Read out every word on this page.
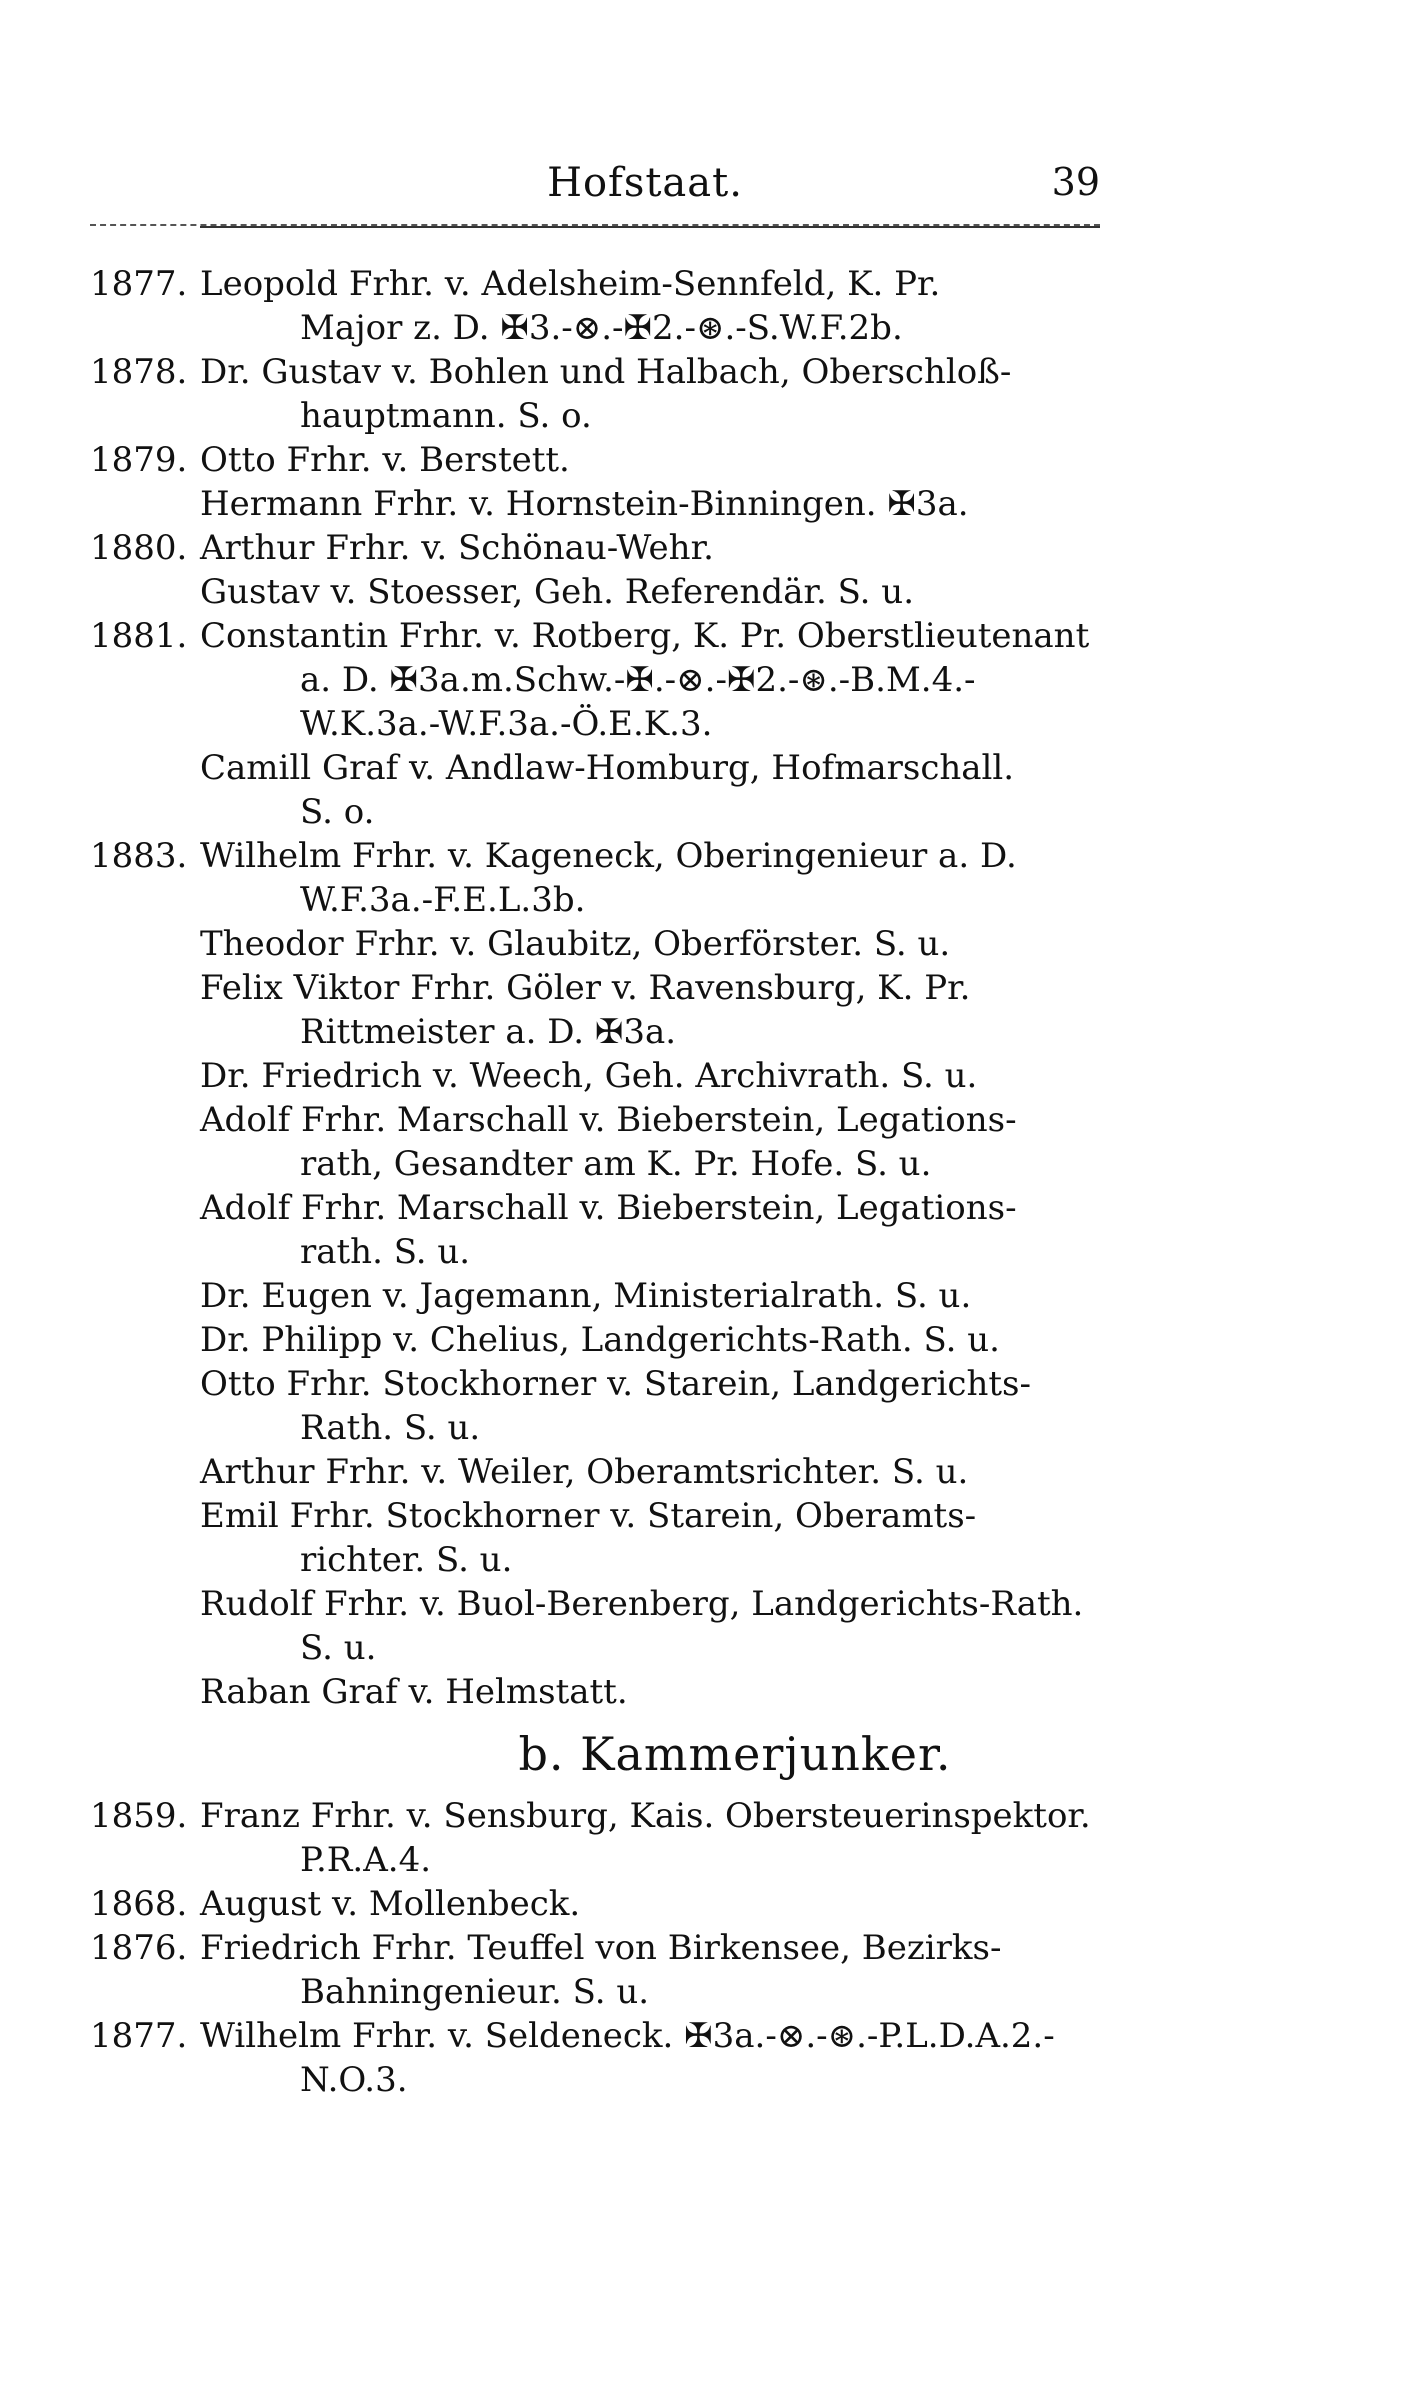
Hofstaat.	39
1877. Leopold Frhr. v. Adelsheim-Sennfeld, K. Pr.
Major z. D. ✠3.-⊗.-✠2.-⊛.-S.W.F.2b.
1878. Dr. Gustav v. Bohlen und Halbach, Oberschloß-
hauptmann. S. o.
1879. Otto Frhr. v. Berstett.
Hermann Frhr. v. Hornstein-Binningen. ✠3a.
1880. Arthur Frhr. v. Schönau-Wehr.
Gustav v. Stoesser, Geh. Referendär. S. u.
1881. Constantin Frhr. v. Rotberg, K. Pr. Oberstlieutenant
a. D. ✠3a.m.Schw.-✠.-⊗.-✠2.-⊛.-B.M.4.-
W.K.3a.-W.F.3a.-Ö.E.K.3.
Camill Graf v. Andlaw-Homburg, Hofmarschall.
S. o.
1883. Wilhelm Frhr. v. Kageneck, Oberingenieur a. D.
W.F.3a.-F.E.L.3b.
Theodor Frhr. v. Glaubitz, Oberförster. S. u.
Felix Viktor Frhr. Göler v. Ravensburg, K. Pr.
Rittmeister a. D. ✠3a.
Dr. Friedrich v. Weech, Geh. Archivrath. S. u.
Adolf Frhr. Marschall v. Bieberstein, Legations-
rath, Gesandter am K. Pr. Hofe. S. u.
Adolf Frhr. Marschall v. Bieberstein, Legations-
rath. S. u.
Dr. Eugen v. Jagemann, Ministerialrath. S. u.
Dr. Philipp v. Chelius, Landgerichts-Rath. S. u.
Otto Frhr. Stockhorner v. Starein, Landgerichts-
Rath. S. u.
Arthur Frhr. v. Weiler, Oberamtsrichter. S. u.
Emil Frhr. Stockhorner v. Starein, Oberamts-
richter. S. u.
Rudolf Frhr. v. Buol-Berenberg, Landgerichts-Rath.
S. u.
Raban Graf v. Helmstatt.
b. Kammerjunker.
1859. Franz Frhr. v. Sensburg, Kais. Obersteuerinspektor.
P.R.A.4.
1868. August v. Mollenbeck.
1876. Friedrich Frhr. Teuffel von Birkensee, Bezirks-
Bahningenieur. S. u.
1877. Wilhelm Frhr. v. Seldeneck. ✠3a.-⊗.-⊛.-P.L.D.A.2.-
N.O.3.
